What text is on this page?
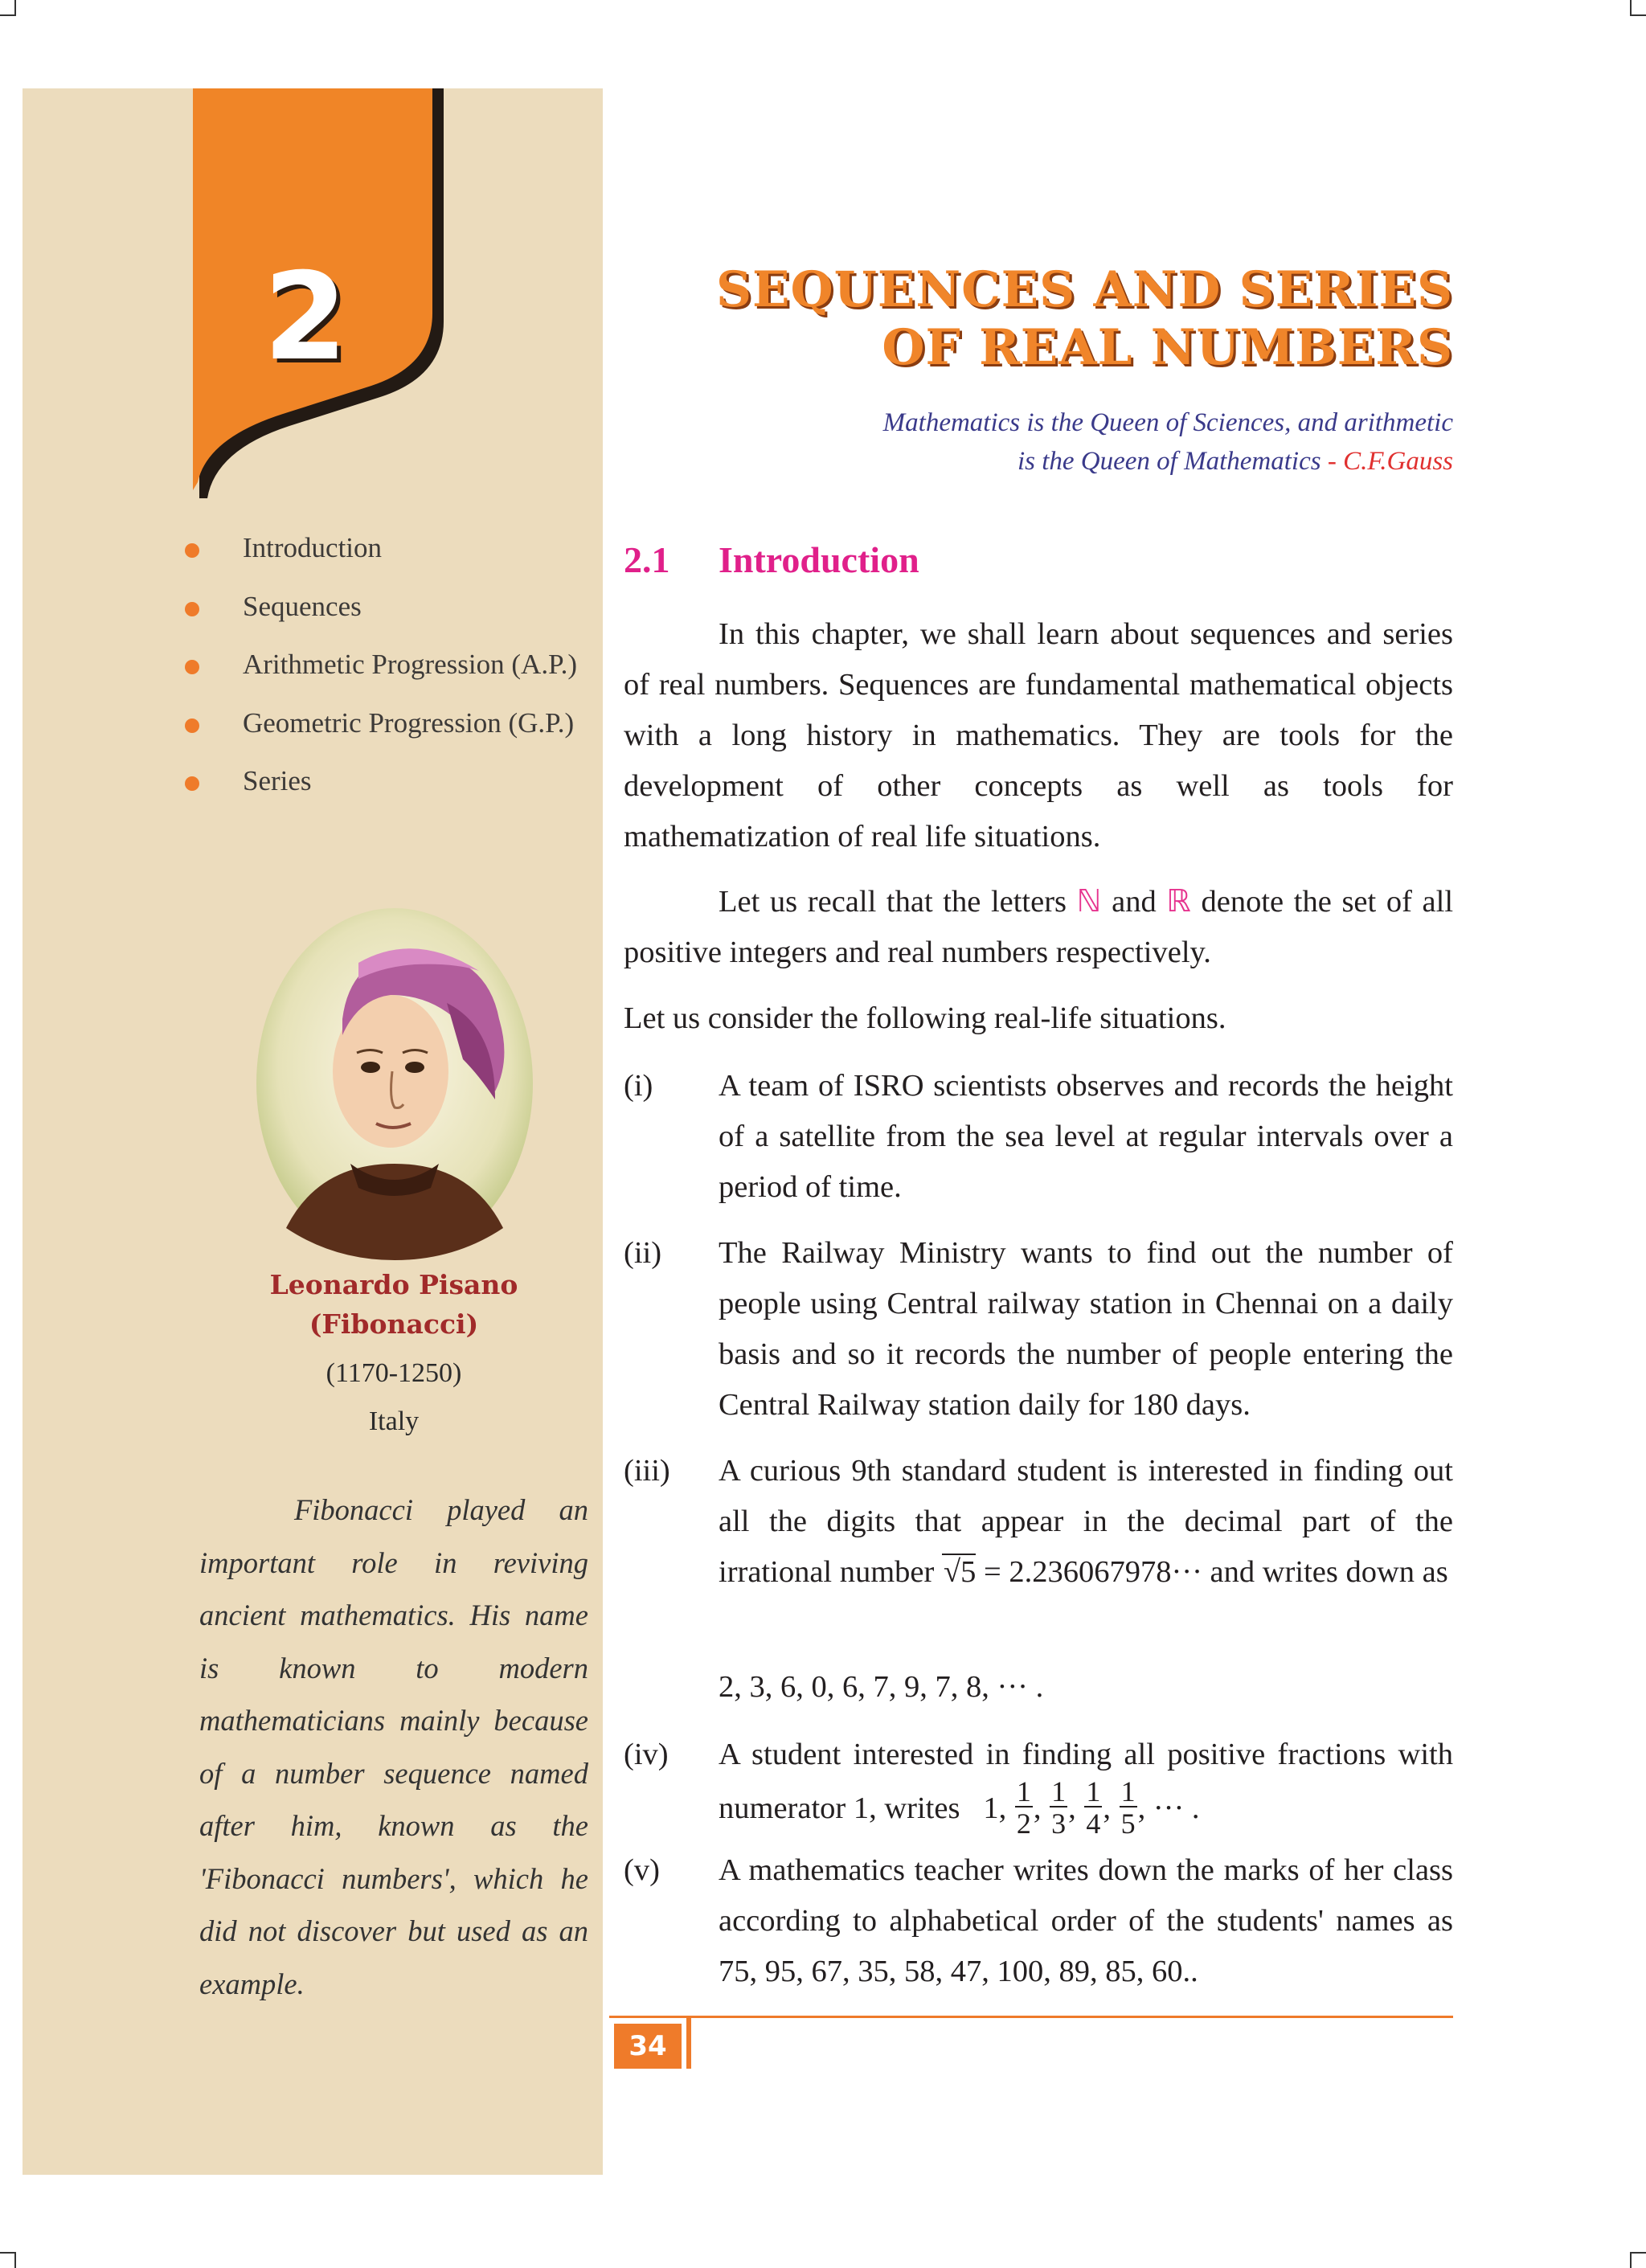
2
Introduction
Sequences
Arithmetic Progression (A.P.)
Geometric Progression (G.P.)
Series
Leonardo Pisano
(Fibonacci)
(1170-1250)
Italy

Fibonacci played an important role in reviving ancient mathematics. His name is known to modern mathematicians mainly because of a number sequence named after him, known as the 'Fibonacci numbers', which he did not discover but used as an example.

SEQUENCES AND SERIES
OF REAL NUMBERS
Mathematics is the Queen of Sciences, and arithmetic
is the Queen of Mathematics - C.F.Gauss
2.1 Introduction

In this chapter, we shall learn about sequences and series of real numbers. Sequences are fundamental mathematical objects with a long history in mathematics. They are tools for the development of other concepts as well as tools for mathematization of real life situations.

Let us recall that the letters ℕ and ℝ denote the set of all positive integers and real numbers respectively.

Let us consider the following real-life situations.

(i) A team of ISRO scientists observes and records the height of a satellite from the sea level at regular intervals over a period of time.

(ii) The Railway Ministry wants to find out the number of people using Central railway station in Chennai on a daily basis and so it records the number of people entering the Central Railway station daily for 180 days.

(iii) A curious 9th standard student is interested in finding out all the digits that appear in the decimal part of the irrational number √5 = 2.236067978··· and writes down as

2, 3, 6, 0, 6, 7, 9, 7, 8, ··· .
(iv) A student interested in finding all positive fractions with numerator 1, writes 1, $\frac{1}{2}$ , $\frac{1}{3}$ , $\frac{1}{4}$ , $\frac{1}{5}$ , ··· .

(v) A mathematics teacher writes down the marks of her class according to alphabetical order of the students' names as 75, 95, 67, 35, 58, 47, 100, 89, 85, 60..

34
